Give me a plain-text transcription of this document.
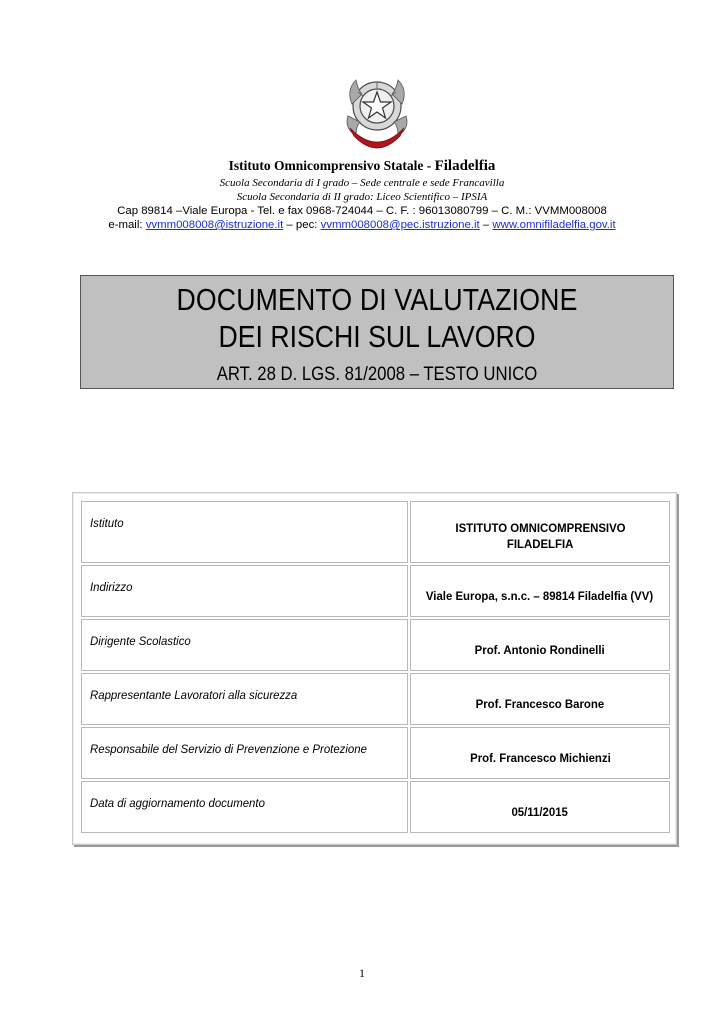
Istituto Omnicomprensivo Statale - Filadelfia
Scuola Secondaria di I grado – Sede centrale e sede Francavilla
Scuola Secondaria di II grado: Liceo Scientifico – IPSIA
Cap 89814 –Viale Europa - Tel. e fax 0968-724044 – C. F. : 96013080799 – C. M.: VVMM008008
e-mail: vvmm008008@istruzione.it – pec: vvmm008008@pec.istruzione.it – www.omnifiladelfia.gov.it
DOCUMENTO DI VALUTAZIONE
DEI RISCHI SUL LAVORO
ART. 28 D. LGS. 81/2008 – TESTO UNICO
Istituto	ISTITUTO OMNICOMPRENSIVO
FILADELFIA
Indirizzo	Viale Europa, s.n.c. – 89814 Filadelfia (VV)
Dirigente Scolastico	Prof. Antonio Rondinelli
Rappresentante Lavoratori alla sicurezza	Prof. Francesco Barone
Responsabile del Servizio di Prevenzione e Protezione	Prof. Francesco Michienzi
Data di aggiornamento documento	05/11/2015
1
